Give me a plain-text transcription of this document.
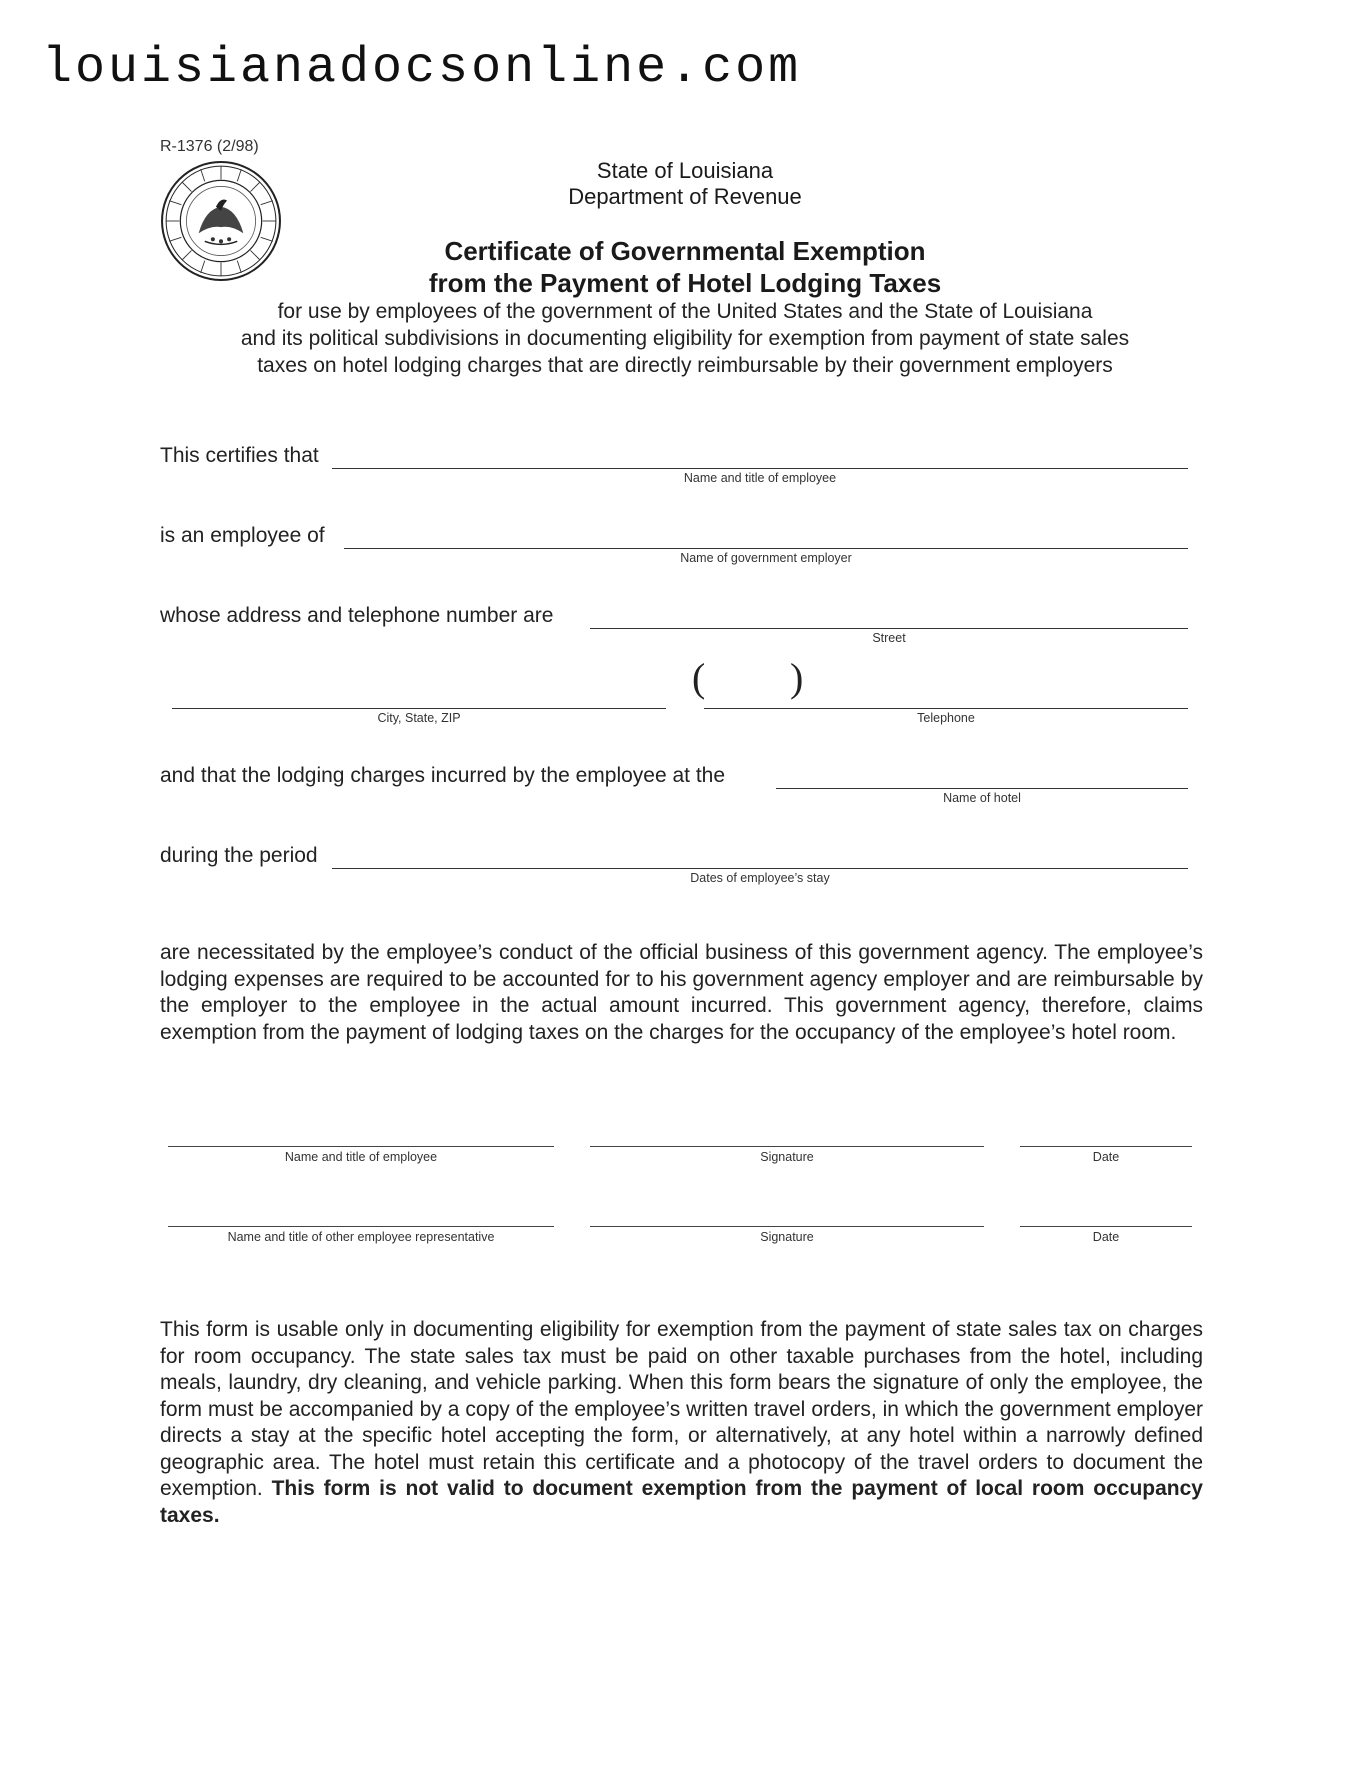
louisianadocsonline.com
R-1376 (2/98)
State of Louisiana
Department of Revenue
Certificate of Governmental Exemption
from the Payment of Hotel Lodging Taxes
for use by employees of the government of the United States and the State of Louisiana
and its political subdivisions in documenting eligibility for exemption from payment of state sales
taxes on hotel lodging charges that are directly reimbursable by their government employers
This certifies that
Name and title of employee
is an employee of
Name of government employer
whose address and telephone number are
Street
City, State, ZIP
( )
Telephone
and that the lodging charges incurred by the employee at the
Name of hotel
during the period
Dates of employee’s stay
are necessitated by the employee’s conduct of the official business of this government agency. The employee’s lodging expenses are required to be accounted for to his government agency employer and are reimbursable by the employer to the employee in the actual amount incurred. This government agency, therefore, claims exemption from the payment of lodging taxes on the charges for the occupancy of the employee’s hotel room.
Name and title of employee	Signature	Date
Name and title of other employee representative	Signature	Date
This form is usable only in documenting eligibility for exemption from the payment of state sales tax on charges for room occupancy. The state sales tax must be paid on other taxable purchases from the hotel, including meals, laundry, dry cleaning, and vehicle parking. When this form bears the signature of only the employee, the form must be accompanied by a copy of the employee’s written travel orders, in which the government employer directs a stay at the specific hotel accepting the form, or alternatively, at any hotel within a narrowly defined geographic area. The hotel must retain this certificate and a photocopy of the travel orders to document the exemption. This form is not valid to document exemption from the payment of local room occupancy taxes.
